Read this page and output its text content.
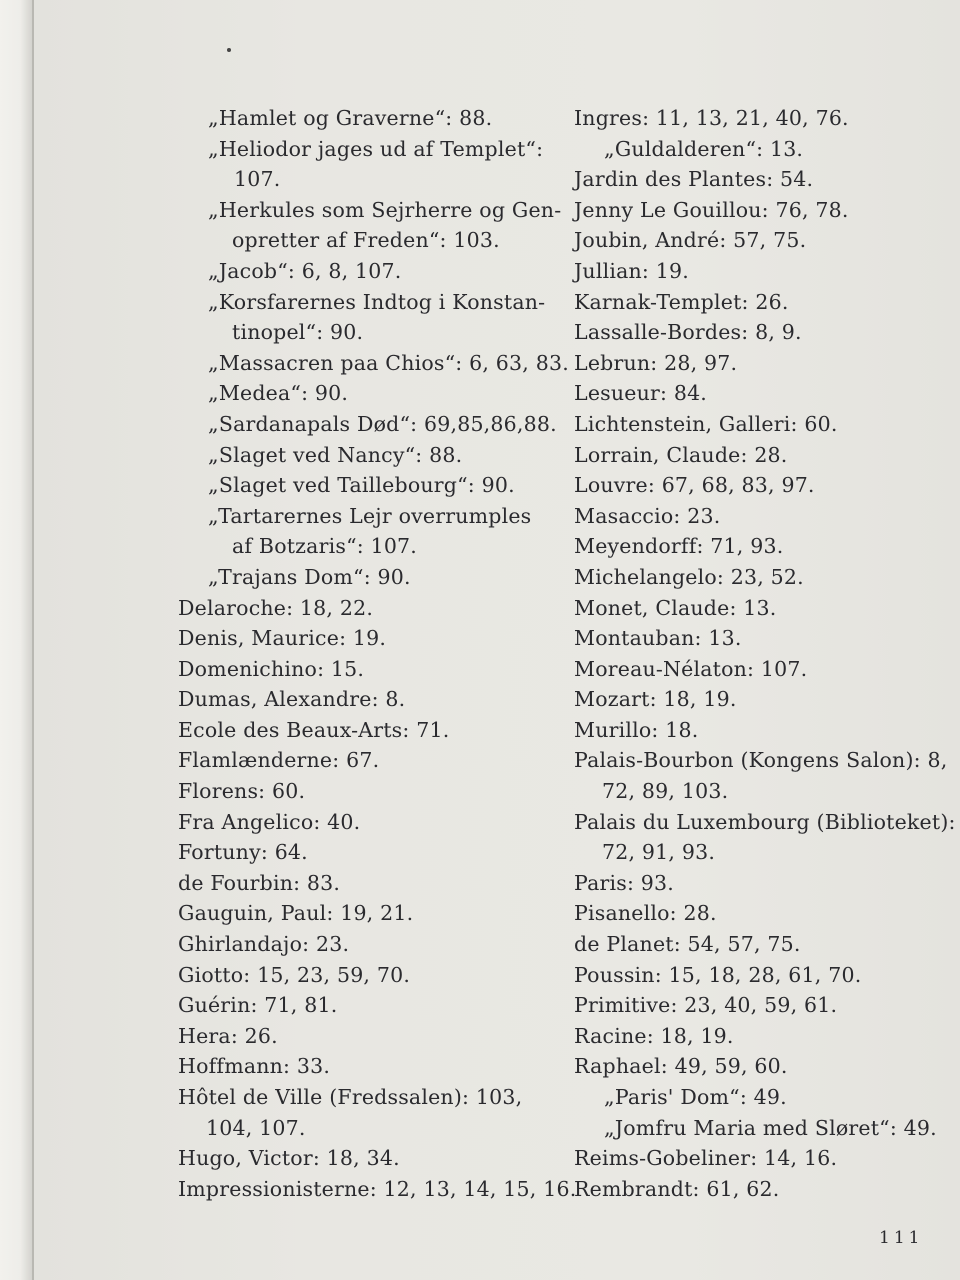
„Hamlet og Graverne“: 88.
„Heliodor jages ud af Templet“:
107.
„Herkules som Sejrherre og Gen-
opretter af Freden“: 103.
„Jacob“: 6, 8, 107.
„Korsfarernes Indtog i Konstan-
tinopel“: 90.
„Massacren paa Chios“: 6, 63, 83.
„Medea“: 90.
„Sardanapals Død“: 69,85,86,88.
„Slaget ved Nancy“: 88.
„Slaget ved Taillebourg“: 90.
„Tartarernes Lejr overrumples
af Botzaris“: 107.
„Trajans Dom“: 90.
Delaroche: 18, 22.
Denis, Maurice: 19.
Domenichino: 15.
Dumas, Alexandre: 8.
Ecole des Beaux-Arts: 71.
Flamlænderne: 67.
Florens: 60.
Fra Angelico: 40.
Fortuny: 64.
de Fourbin: 83.
Gauguin, Paul: 19, 21.
Ghirlandajo: 23.
Giotto: 15, 23, 59, 70.
Guérin: 71, 81.
Hera: 26.
Hoffmann: 33.
Hôtel de Ville (Fredssalen): 103,
104, 107.
Hugo, Victor: 18, 34.
Impressionisterne: 12, 13, 14, 15, 16.
Ingres: 11, 13, 21, 40, 76.
„Guldalderen“: 13.
Jardin des Plantes: 54.
Jenny Le Gouillou: 76, 78.
Joubin, André: 57, 75.
Jullian: 19.
Karnak-Templet: 26.
Lassalle-Bordes: 8, 9.
Lebrun: 28, 97.
Lesueur: 84.
Lichtenstein, Galleri: 60.
Lorrain, Claude: 28.
Louvre: 67, 68, 83, 97.
Masaccio: 23.
Meyendorff: 71, 93.
Michelangelo: 23, 52.
Monet, Claude: 13.
Montauban: 13.
Moreau-Nélaton: 107.
Mozart: 18, 19.
Murillo: 18.
Palais-Bourbon (Kongens Salon): 8,
72, 89, 103.
Palais du Luxembourg (Biblioteket):
72, 91, 93.
Paris: 93.
Pisanello: 28.
de Planet: 54, 57, 75.
Poussin: 15, 18, 28, 61, 70.
Primitive: 23, 40, 59, 61.
Racine: 18, 19.
Raphael: 49, 59, 60.
„Paris' Dom“: 49.
„Jomfru Maria med Sløret“: 49.
Reims-Gobeliner: 14, 16.
Rembrandt: 61, 62.
111
